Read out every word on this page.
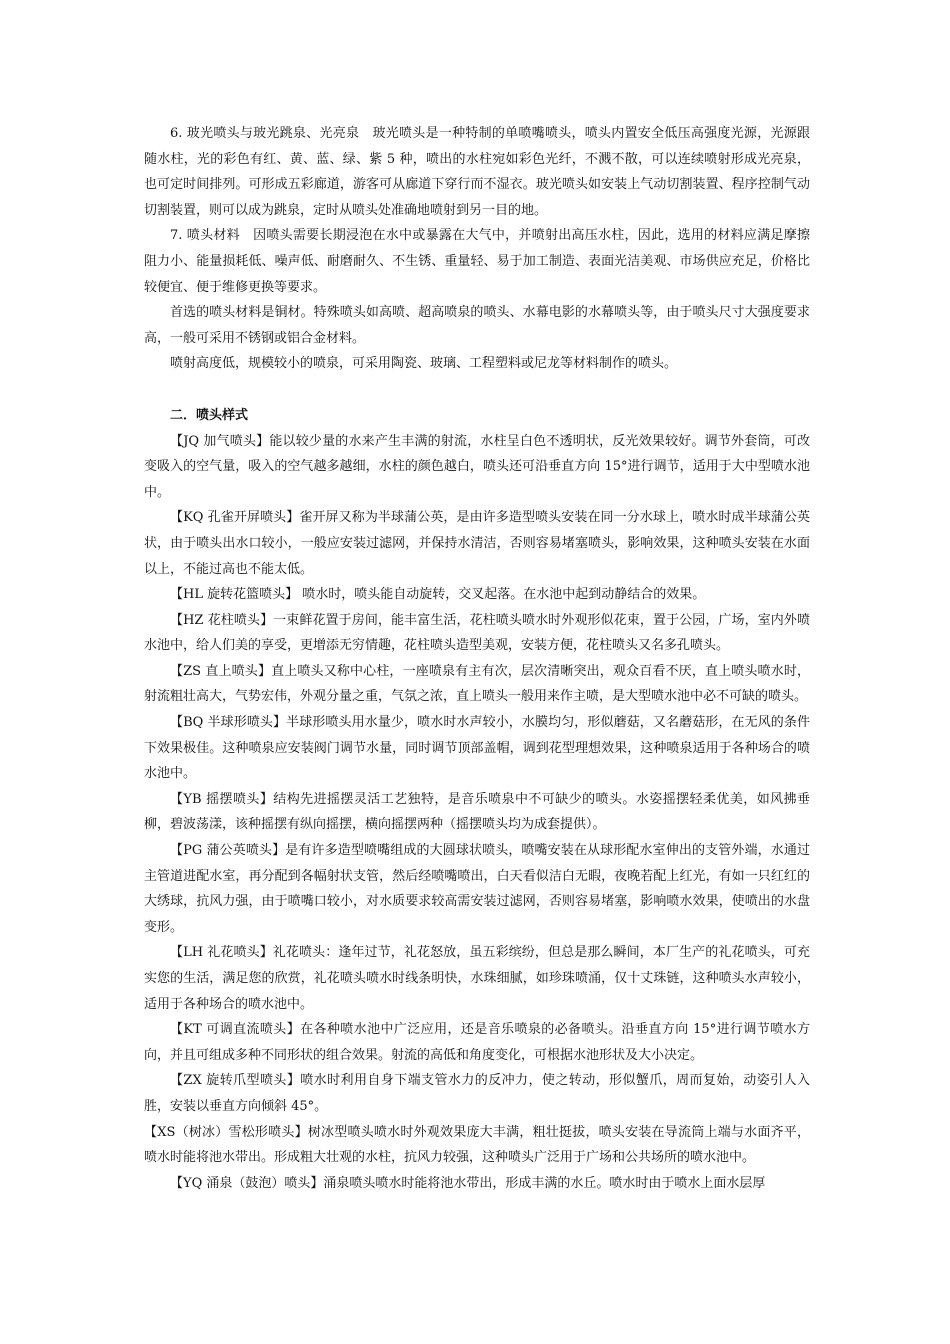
6. 玻光喷头与玻光跳泉、光亮泉　玻光喷头是一种特制的单喷嘴喷头，喷头内置安全低压高强度光源，光源跟随水柱，光的彩色有红、黄、蓝、绿、紫 5 种，喷出的水柱宛如彩色光纤，不溅不散，可以连续喷射形成光亮泉，也可定时间排列。可形成五彩廊道，游客可从廊道下穿行而不湿衣。玻光喷头如安装上气动切割装置、程序控制气动切割装置，则可以成为跳泉，定时从喷头处准确地喷射到另一目的地。

7. 喷头材料　因喷头需要长期浸泡在水中或暴露在大气中，并喷射出高压水柱，因此，选用的材料应满足摩擦阻力小、能量损耗低、噪声低、耐磨耐久、不生锈、重量轻、易于加工制造、表面光洁美观、市场供应充足，价格比较便宜、便于维修更换等要求。

首选的喷头材料是铜材。特殊喷头如高喷、超高喷泉的喷头、水幕电影的水幕喷头等，由于喷头尺寸大强度要求高，一般可采用不锈钢或铝合金材料。

喷射高度低，规模较小的喷泉，可采用陶瓷、玻璃、工程塑料或尼龙等材料制作的喷头。

二．喷头样式

【JQ 加气喷头】能以较少量的水来产生丰满的射流，水柱呈白色不透明状，反光效果较好。调节外套筒，可改变吸入的空气量，吸入的空气越多越细，水柱的颜色越白，喷头还可沿垂直方向 15°进行调节，适用于大中型喷水池中。

【KQ 孔雀开屏喷头】雀开屏又称为半球蒲公英，是由许多造型喷头安装在同一分水球上，喷水时成半球蒲公英状，由于喷头出水口较小，一般应安装过滤网，并保持水清洁，否则容易堵塞喷头，影响效果，这种喷头安装在水面以上，不能过高也不能太低。

【HL 旋转花篮喷头】 喷水时，喷头能自动旋转，交叉起落。在水池中起到动静结合的效果。

【HZ 花柱喷头】一束鲜花置于房间，能丰富生活，花柱喷头喷水时外观形似花束，置于公园，广场，室内外喷水池中，给人们美的享受，更增添无穷情趣，花柱喷头造型美观，安装方便，花柱喷头又名多孔喷头。

【ZS 直上喷头】直上喷头又称中心柱，一座喷泉有主有次，层次清晰突出，观众百看不厌，直上喷头喷水时，射流粗壮高大，气势宏伟，外观分量之重，气氛之浓，直上喷头一般用来作主喷，是大型喷水池中必不可缺的喷头。

【BQ 半球形喷头】半球形喷头用水量少，喷水时水声较小，水膜均匀，形似蘑菇，又名蘑菇形，在无风的条件下效果极佳。这种喷泉应安装阀门调节水量，同时调节顶部盖帽，调到花型理想效果，这种喷泉适用于各种场合的喷水池中。

【YB 摇摆喷头】结构先进摇摆灵活工艺独特，是音乐喷泉中不可缺少的喷头。水姿摇摆轻柔优美，如风拂垂柳，碧波荡漾，该种摇摆有纵向摇摆，横向摇摆两种（摇摆喷头均为成套提供）。

【PG 蒲公英喷头】是有许多造型喷嘴组成的大圆球状喷头，喷嘴安装在从球形配水室伸出的支管外端，水通过主管道进配水室，再分配到各幅射状支管，然后经喷嘴喷出，白天看似洁白无暇，夜晚若配上红光，有如一只红红的大绣球，抗风力强，由于喷嘴口较小，对水质要求较高需安装过滤网，否则容易堵塞，影响喷水效果，使喷出的水盘变形。

【LH 礼花喷头】礼花喷头：逢年过节，礼花怒放，虽五彩缤纷，但总是那么瞬间，本厂生产的礼花喷头，可充实您的生活，满足您的欣赏，礼花喷头喷水时线条明快，水珠细腻，如珍珠喷涌，仅十丈珠链，这种喷头水声较小，适用于各种场合的喷水池中。

【KT 可调直流喷头】在各种喷水池中广泛应用，还是音乐喷泉的必备喷头。沿垂直方向 15°进行调节喷水方向，并且可组成多种不同形状的组合效果。射流的高低和角度变化，可根据水池形状及大小决定。

【ZX 旋转爪型喷头】喷水时利用自身下端支管水力的反冲力，使之转动，形似蟹爪，周而复始，动姿引人入胜，安装以垂直方向倾斜 45°。

【XS（树冰）雪松形喷头】树冰型喷头喷水时外观效果庞大丰满，粗壮挺拔，喷头安装在导流筒上端与水面齐平，喷水时能将池水带出。形成粗大壮观的水柱，抗风力较强，这种喷头广泛用于广场和公共场所的喷水池中。

【YQ 涌泉（鼓泡）喷头】涌泉喷头喷水时能将池水带出，形成丰满的水丘。喷水时由于喷水上面水层厚
